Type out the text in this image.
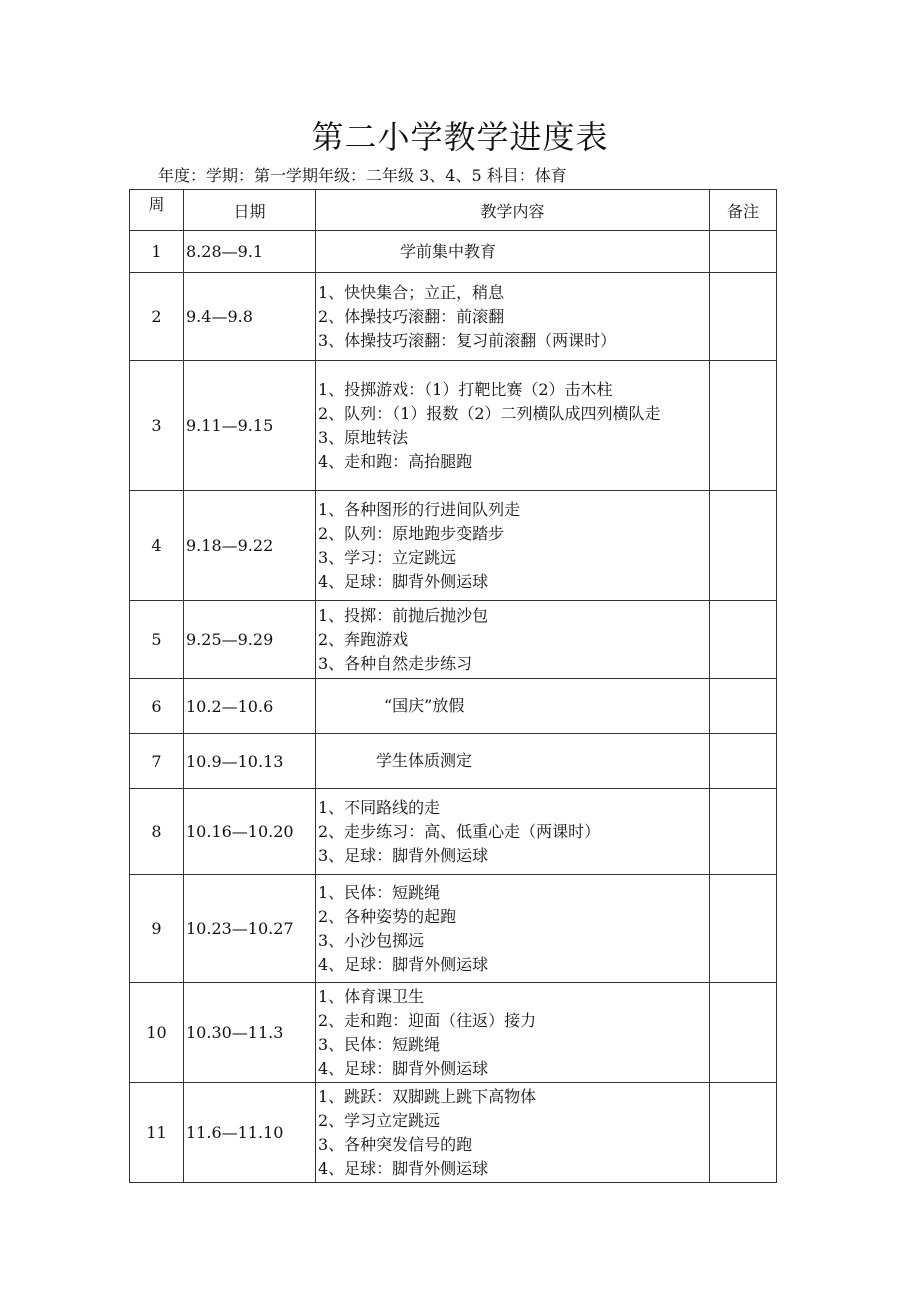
第二小学教学进度表
年度：学期：第一学期年级：二年级 3、4、5 科目：体育
周	日期	教学内容	备注
1	8.28—9.1	学前集中教育	

2	9.4—9.8	1、快快集合；立正，稍息
2、体操技巧滚翻：前滚翻
3、体操技巧滚翻：复习前滚翻（两课时）	

3	9.11—9.15	1、投掷游戏：（1）打靶比赛（2）击木柱
2、队列：（1）报数（2）二列横队成四列横队走
3、原地转法
4、走和跑：高抬腿跑	

4	9.18—9.22	1、各种图形的行进间队列走
2、队列：原地跑步变踏步
3、学习：立定跳远
4、足球：脚背外侧运球	

5	9.25—9.29	1、投掷：前抛后抛沙包
2、奔跑游戏
3、各种自然走步练习	

6	10.2—10.6	“国庆”放假	

7	10.9—10.13	学生体质测定	

8	10.16—10.20	1、不同路线的走
2、走步练习：高、低重心走（两课时）
3、足球：脚背外侧运球	

9	10.23—10.27	1、民体：短跳绳
2、各种姿势的起跑
3、小沙包掷远
4、足球：脚背外侧运球	

10	10.30—11.3	1、体育课卫生
2、走和跑：迎面（往返）接力
3、民体：短跳绳
4、足球：脚背外侧运球	

11	11.6—11.10	1、跳跃：双脚跳上跳下高物体
2、学习立定跳远
3、各种突发信号的跑
4、足球：脚背外侧运球	
